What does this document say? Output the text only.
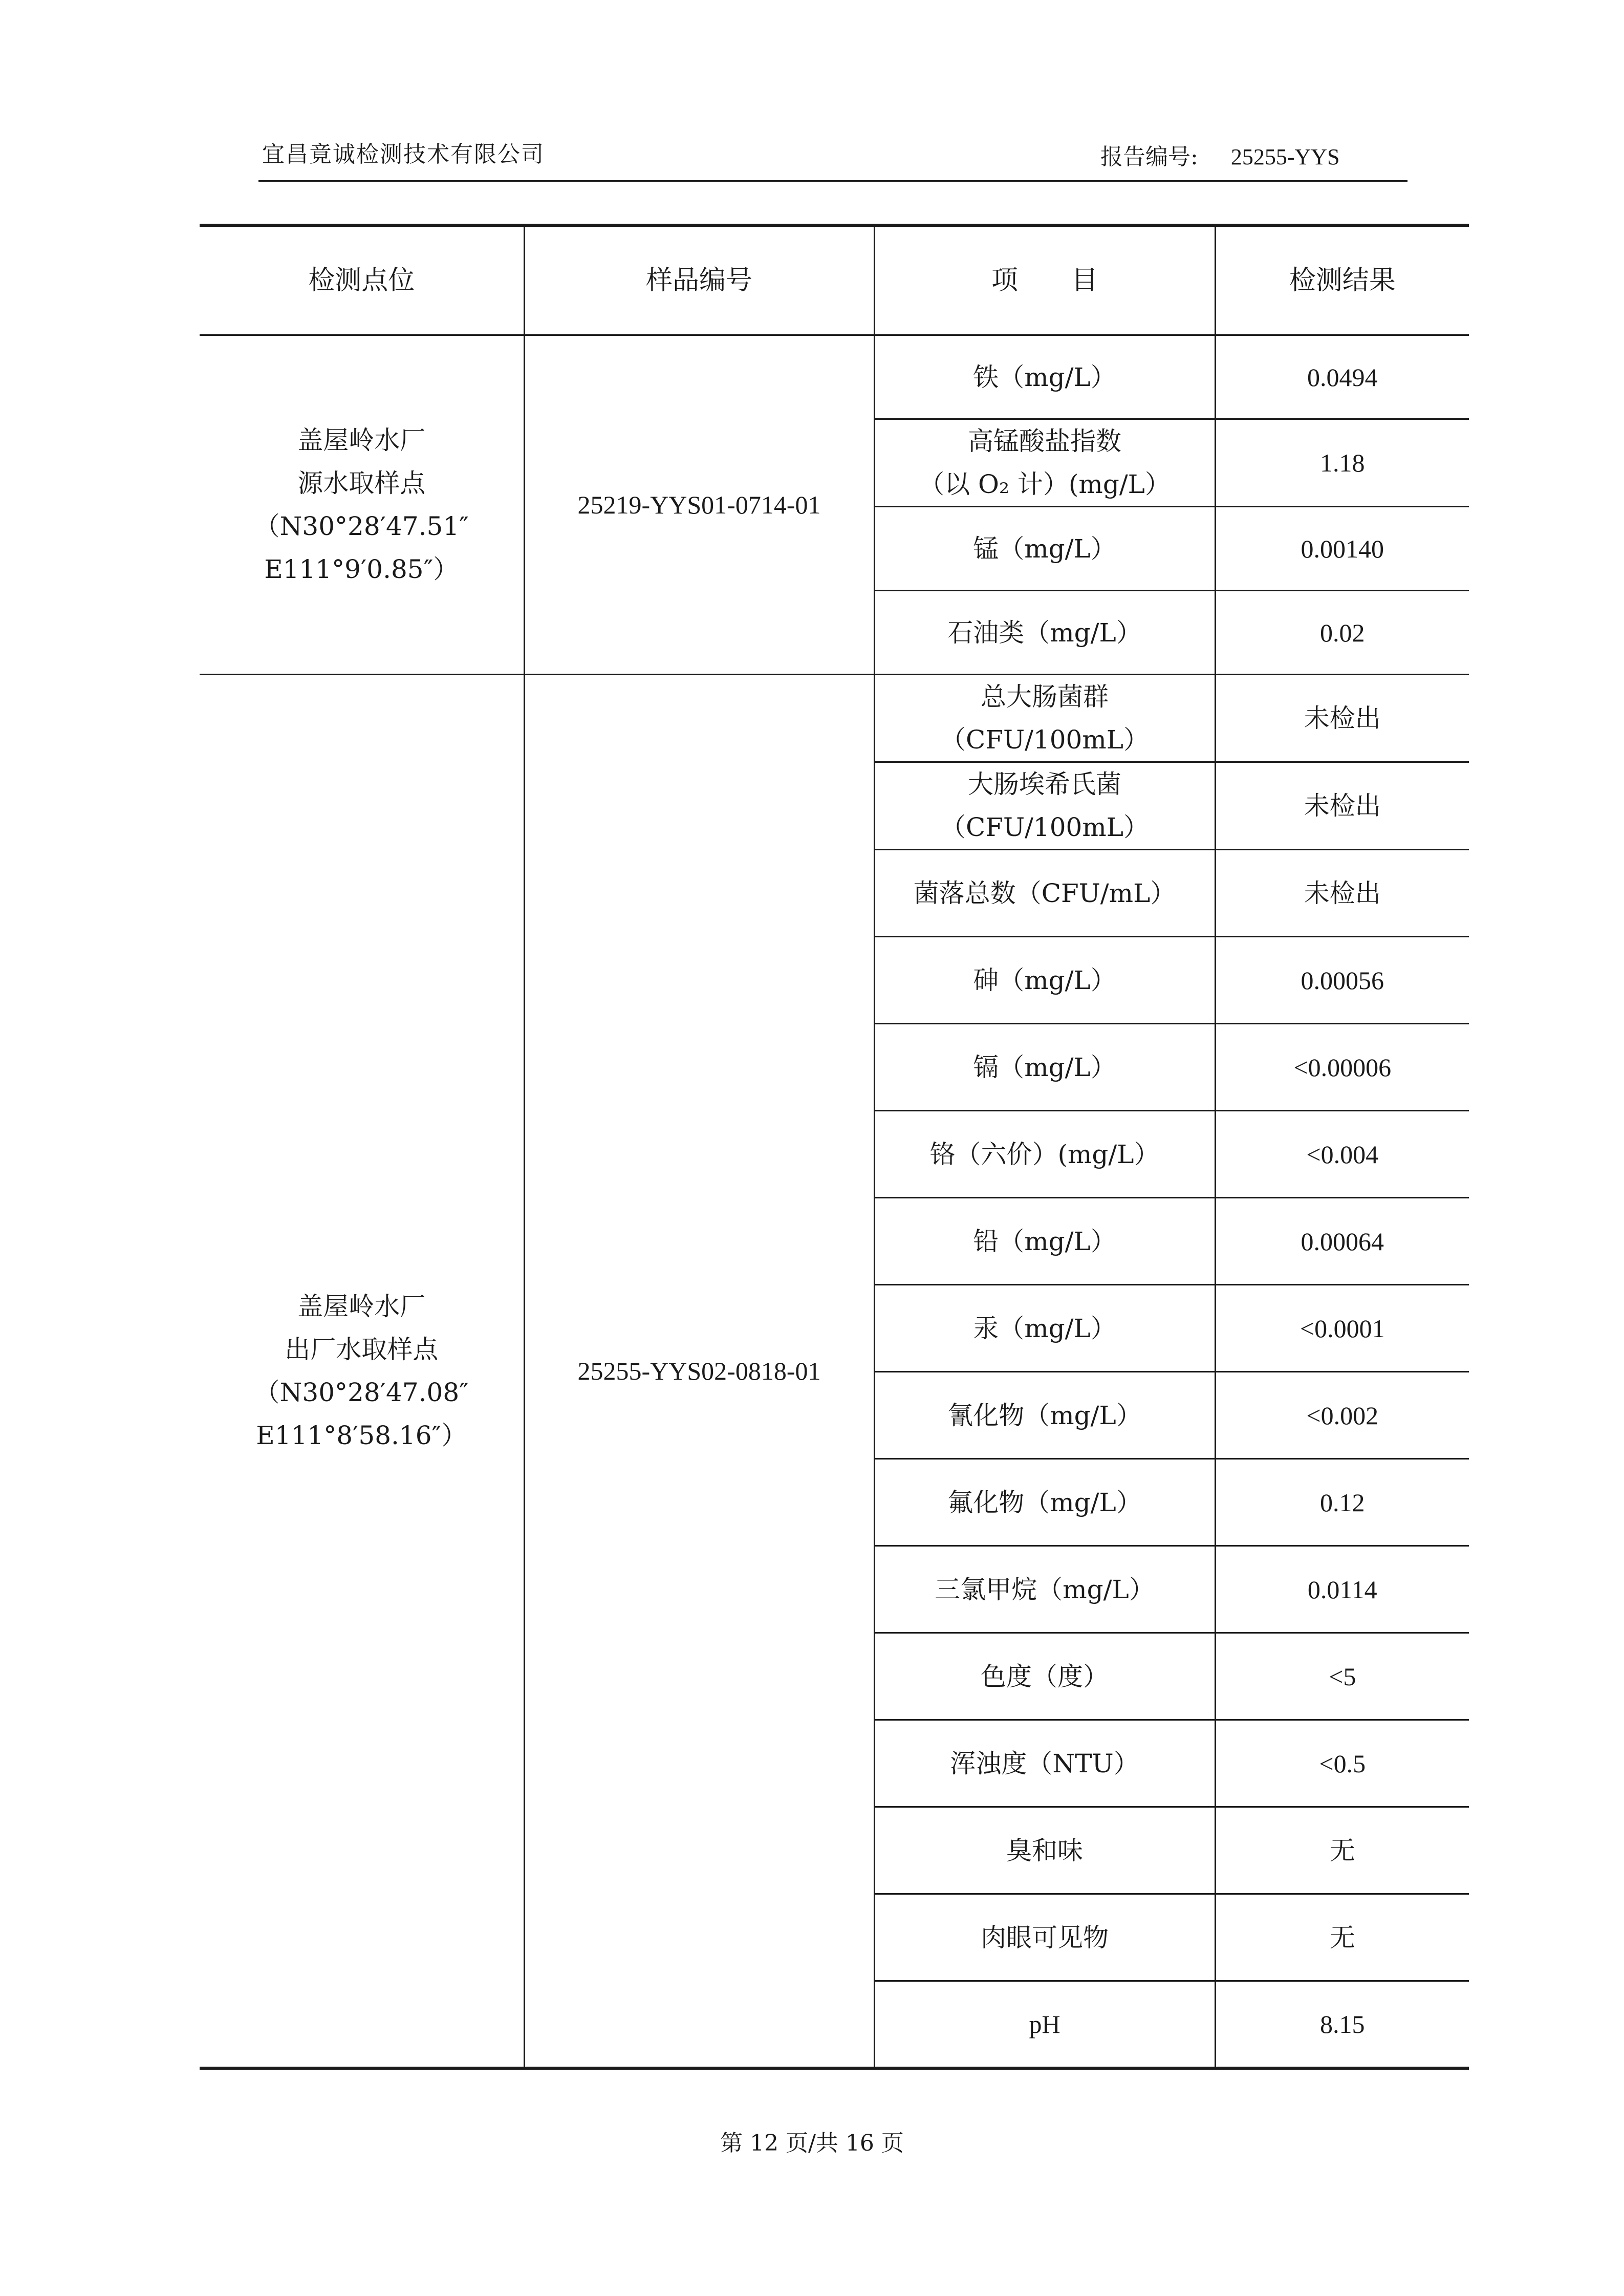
宜昌竟诚检测技术有限公司	报告编号: 25255-YYS
检测点位	样品编号	项　　目	检测结果

盖屋岭水厂
源水取样点
（N30°28′47.51″
E111°9′0.85″）	25219-YYS01-0714-01	铁（mg/L）	0.0494

		高锰酸盐指数
（以 O₂ 计）(mg/L）	1.18

		锰（mg/L）	0.00140

		石油类（mg/L）	0.02

盖屋岭水厂
出厂水取样点
（N30°28′47.08″
E111°8′58.16″）	25255-YYS02-0818-01	总大肠菌群
（CFU/100mL）	未检出

		大肠埃希氏菌
（CFU/100mL）	未检出

		菌落总数（CFU/mL）	未检出

		砷（mg/L）	0.00056

		镉（mg/L）	<0.00006

		铬（六价）(mg/L）	<0.004

		铅（mg/L）	0.00064

		汞（mg/L）	<0.0001

		氰化物（mg/L）	<0.002

		氟化物（mg/L）	0.12

		三氯甲烷（mg/L）	0.0114

		色度（度）	<5

		浑浊度（NTU）	<0.5

		臭和味	无

		肉眼可见物	无

		pH	8.15
第 12 页/共 16 页
